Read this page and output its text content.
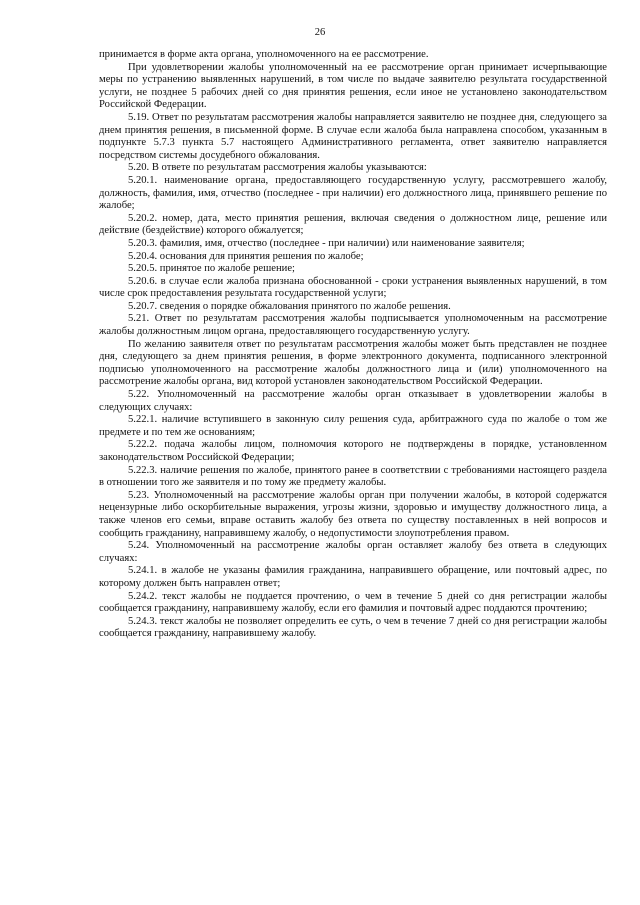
26

принимается в форме акта органа, уполномоченного на ее рассмотрение.

При удовлетворении жалобы уполномоченный на ее рассмотрение орган принимает исчерпывающие меры по устранению выявленных нарушений, в том числе по выдаче заявителю результата государственной услуги, не позднее 5 рабочих дней со дня принятия решения, если иное не установлено законодательством Российской Федерации.

5.19. Ответ по результатам рассмотрения жалобы направляется заявителю не позднее дня, следующего за днем принятия решения, в письменной форме. В случае если жалоба была направлена способом, указанным в подпункте 5.7.3 пункта 5.7 настоящего Административного регламента, ответ заявителю направляется посредством системы досудебного обжалования.

5.20. В ответе по результатам рассмотрения жалобы указываются:

5.20.1. наименование органа, предоставляющего государственную услугу, рассмотревшего жалобу, должность, фамилия, имя, отчество (последнее - при наличии) его должностного лица, принявшего решение по жалобе;

5.20.2. номер, дата, место принятия решения, включая сведения о должностном лице, решение или действие (бездействие) которого обжалуется;

5.20.3. фамилия, имя, отчество (последнее - при наличии) или наименование заявителя;

5.20.4. основания для принятия решения по жалобе;

5.20.5. принятое по жалобе решение;

5.20.6. в случае если жалоба признана обоснованной - сроки устранения выявленных нарушений, в том числе срок предоставления результата государственной услуги;

5.20.7. сведения о порядке обжалования принятого по жалобе решения.

5.21. Ответ по результатам рассмотрения жалобы подписывается уполномоченным на рассмотрение жалобы должностным лицом органа, предоставляющего государственную услугу.

По желанию заявителя ответ по результатам рассмотрения жалобы может быть представлен не позднее дня, следующего за днем принятия решения, в форме электронного документа, подписанного электронной подписью уполномоченного на рассмотрение жалобы должностного лица и (или) уполномоченного на рассмотрение жалобы органа, вид которой установлен законодательством Российской Федерации.

5.22. Уполномоченный на рассмотрение жалобы орган отказывает в удовлетворении жалобы в следующих случаях:

5.22.1. наличие вступившего в законную силу решения суда, арбитражного суда по жалобе о том же предмете и по тем же основаниям;

5.22.2. подача жалобы лицом, полномочия которого не подтверждены в порядке, установленном законодательством Российской Федерации;

5.22.3. наличие решения по жалобе, принятого ранее в соответствии с требованиями настоящего раздела в отношении того же заявителя и по тому же предмету жалобы.

5.23. Уполномоченный на рассмотрение жалобы орган при получении жалобы, в которой содержатся нецензурные либо оскорбительные выражения, угрозы жизни, здоровью и имуществу должностного лица, а также членов его семьи, вправе оставить жалобу без ответа по существу поставленных в ней вопросов и сообщить гражданину, направившему жалобу, о недопустимости злоупотребления правом.

5.24. Уполномоченный на рассмотрение жалобы орган оставляет жалобу без ответа в следующих случаях:

5.24.1. в жалобе не указаны фамилия гражданина, направившего обращение, или почтовый адрес, по которому должен быть направлен ответ;

5.24.2. текст жалобы не поддается прочтению, о чем в течение 5 дней со дня регистрации жалобы сообщается гражданину, направившему жалобу, если его фамилия и почтовый адрес поддаются прочтению;

5.24.3. текст жалобы не позволяет определить ее суть, о чем в течение 7 дней со дня регистрации жалобы сообщается гражданину, направившему жалобу.
